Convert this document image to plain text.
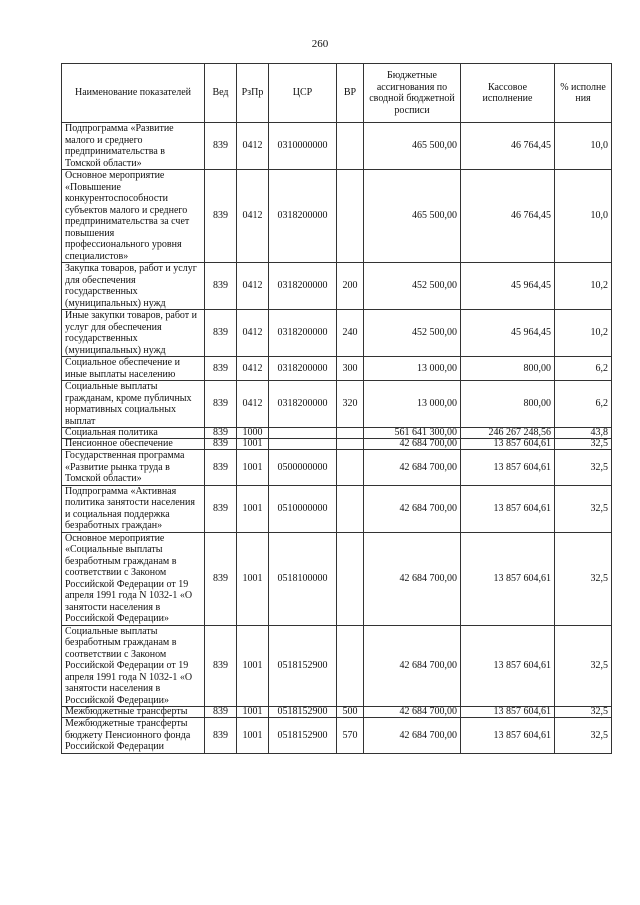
260
Наименование показателей	Вед	РзПр	ЦСР	ВР	Бюджетные ассигнования по сводной бюджетной росписи	Кассовое исполнение	% исполне ния
Подпрограмма «Развитие малого и среднего предпринимательства в Томской области»	839	0412	0310000000		465 500,00	46 764,45	10,0
Основное мероприятие «Повышение конкурентоспособности субъектов малого и среднего предпринимательства за счет повышения профессионального уровня специалистов»	839	0412	0318200000		465 500,00	46 764,45	10,0
Закупка товаров, работ и услуг для обеспечения государственных (муниципальных) нужд	839	0412	0318200000	200	452 500,00	45 964,45	10,2
Иные закупки товаров, работ и услуг для обеспечения государственных (муниципальных) нужд	839	0412	0318200000	240	452 500,00	45 964,45	10,2
Социальное обеспечение и иные выплаты населению	839	0412	0318200000	300	13 000,00	800,00	6,2
Социальные выплаты гражданам, кроме публичных нормативных социальных выплат	839	0412	0318200000	320	13 000,00	800,00	6,2
Социальная политика	839	1000			561 641 300,00	246 267 248,56	43,8
Пенсионное обеспечение	839	1001			42 684 700,00	13 857 604,61	32,5
Государственная программа «Развитие рынка труда в Томской области»	839	1001	0500000000		42 684 700,00	13 857 604,61	32,5
Подпрограмма «Активная политика занятости населения и социальная поддержка безработных граждан»	839	1001	0510000000		42 684 700,00	13 857 604,61	32,5
Основное мероприятие «Социальные выплаты безработным гражданам в соответствии с Законом Российской Федерации от 19 апреля 1991 года N 1032-1 «О занятости населения в Российской Федерации»	839	1001	0518100000		42 684 700,00	13 857 604,61	32,5
Социальные выплаты безработным гражданам в соответствии с Законом Российской Федерации от 19 апреля 1991 года N 1032-1 «О занятости населения в Российской Федерации»	839	1001	0518152900		42 684 700,00	13 857 604,61	32,5
Межбюджетные трансферты	839	1001	0518152900	500	42 684 700,00	13 857 604,61	32,5
Межбюджетные трансферты бюджету Пенсионного фонда Российской Федерации	839	1001	0518152900	570	42 684 700,00	13 857 604,61	32,5
